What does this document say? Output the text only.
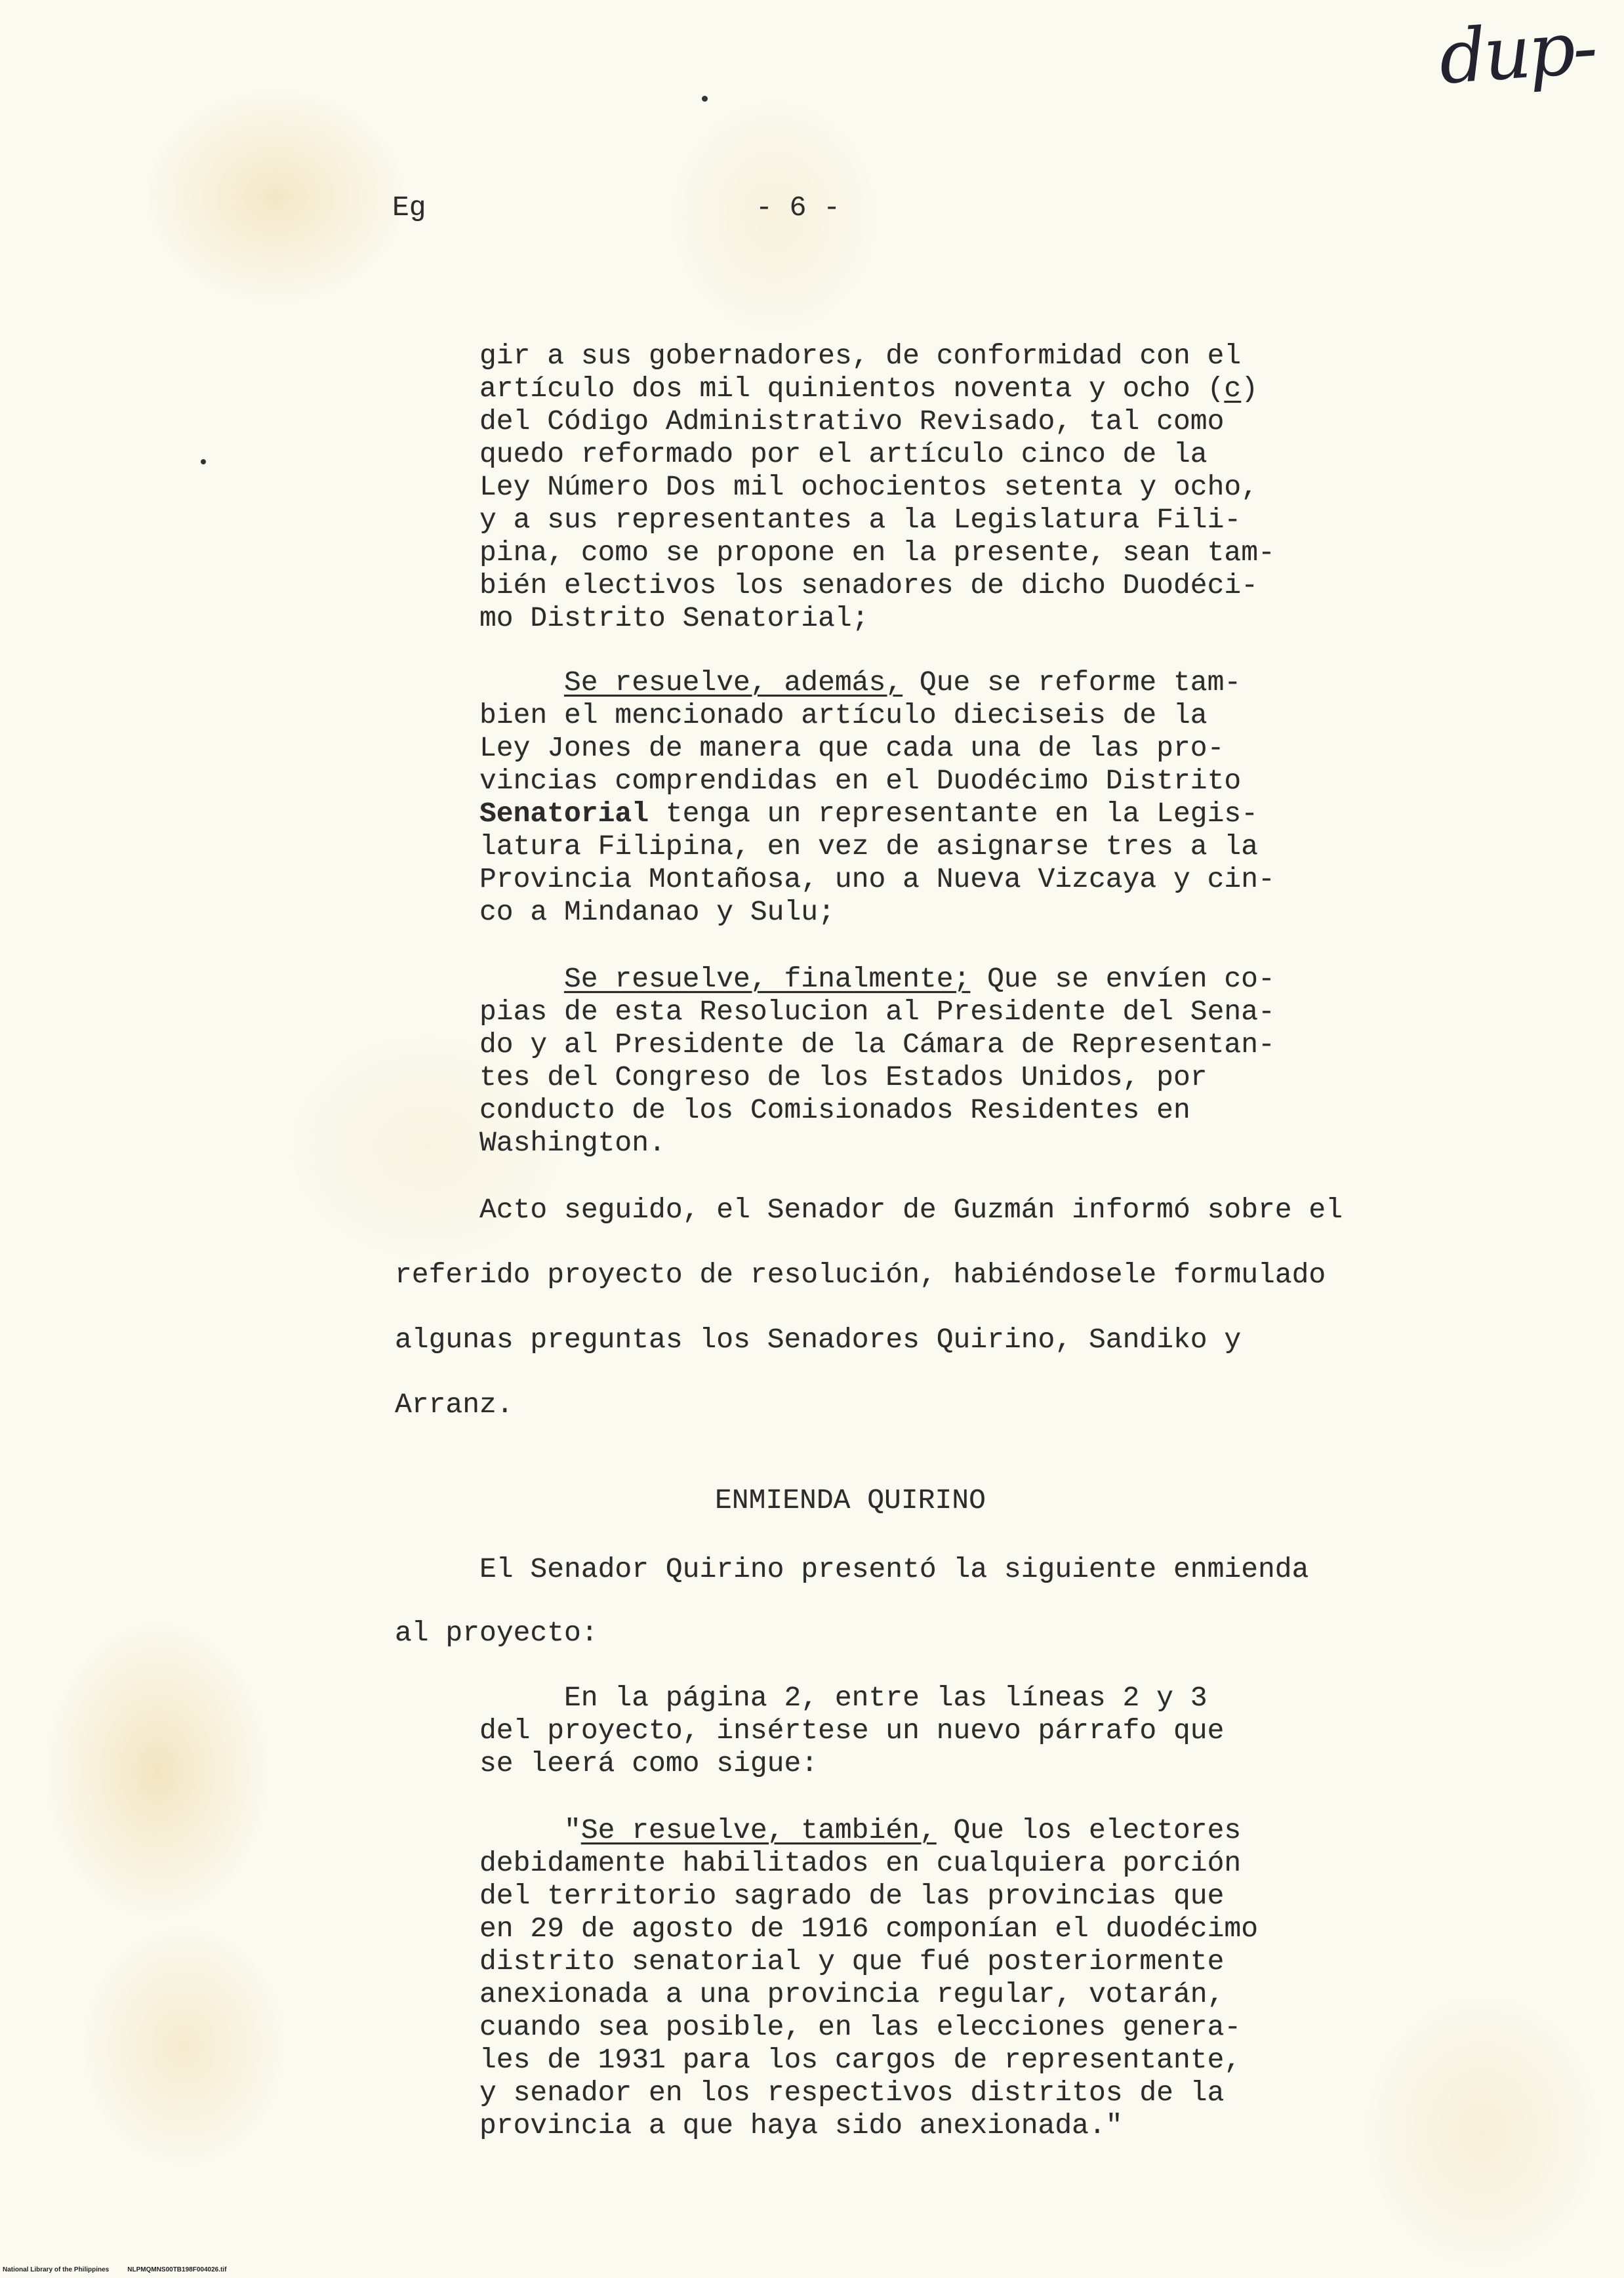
dup-
Eg	- 6 -
gir a sus gobernadores, de conformidad con el
artículo dos mil quinientos noventa y ocho (c)
del Código Administrativo Revisado, tal como
quedo reformado por el artículo cinco de la
Ley Número Dos mil ochocientos setenta y ocho,
y a sus representantes a la Legislatura Fili-
pina, como se propone en la presente, sean tam-
bién electivos los senadores de dicho Duodéci-
mo Distrito Senatorial;
Se resuelve, además, Que se reforme tam-
bien el mencionado artículo dieciseis de la
Ley Jones de manera que cada una de las pro-
vincias comprendidas en el Duodécimo Distrito
Senatorial tenga un representante en la Legis-
latura Filipina, en vez de asignarse tres a la
Provincia Montañosa, uno a Nueva Vizcaya y cin-
co a Mindanao y Sulu;
Se resuelve, finalmente; Que se envíen co-
pias de esta Resolucion al Presidente del Sena-
do y al Presidente de la Cámara de Representan-
tes del Congreso de los Estados Unidos, por
conducto de los Comisionados Residentes en
Washington.
Acto seguido, el Senador de Guzmán informó sobre el
referido proyecto de resolución, habiéndosele formulado
algunas preguntas los Senadores Quirino, Sandiko y
Arranz.
ENMIENDA QUIRINO
El Senador Quirino presentó la siguiente enmienda
al proyecto:
En la página 2, entre las líneas 2 y 3
del proyecto, insértese un nuevo párrafo que
se leerá como sigue:
"Se resuelve, también, Que los electores
debidamente habilitados en cualquiera porción
del territorio sagrado de las provincias que
en 29 de agosto de 1916 componían el duodécimo
distrito senatorial y que fué posteriormente
anexionada a una provincia regular, votarán,
cuando sea posible, en las elecciones genera-
les de 1931 para los cargos de representante,
y senador en los respectivos distritos de la
provincia a que haya sido anexionada."
National Library of the Philippines	NLPMQMNS00TB198F004026.tif
